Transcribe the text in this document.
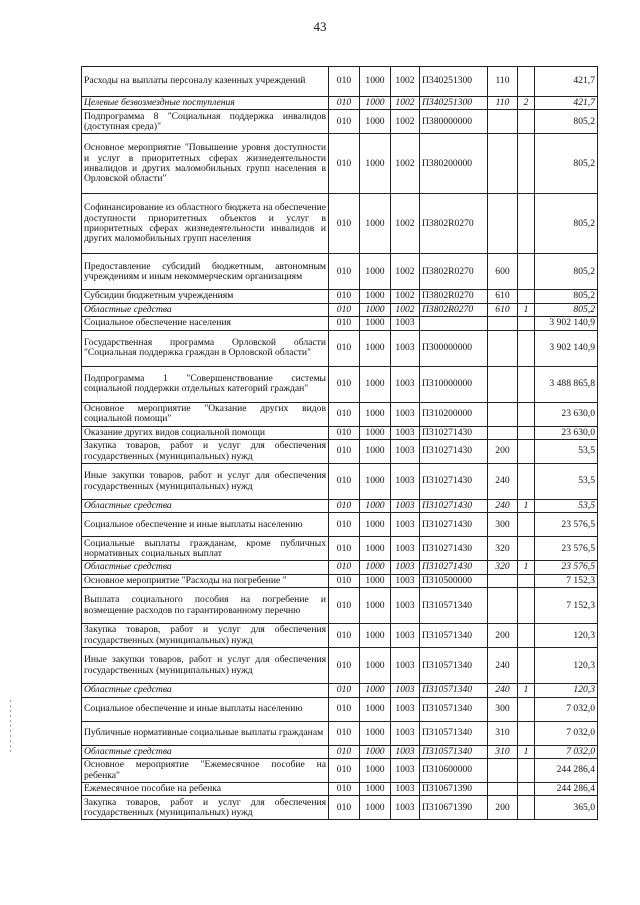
43
Расходы на выплаты персоналу казенных учреждений	010	1000	1002	П340251300	110		421,7
Целевые безвозмездные поступления	010	1000	1002	П340251300	110	2	421,7
Подпрограмма 8 "Социальная поддержка инвалидов (доступная среда)"	010	1000	1002	П380000000			805,2
Основное мероприятие "Повышение уровня доступности и услуг в приоритетных сферах жизнедеятельности инвалидов и других маломобильных групп населения в Орловской области"	010	1000	1002	П380200000			805,2
Софинансирование из областного бюджета на обеспечение доступности приоритетных объектов и услуг в приоритетных сферах жизнедеятельности инвалидов и других маломобильных групп населения	010	1000	1002	П3802R0270			805,2
Предоставление субсидий бюджетным, автономным учреждениям и иным некоммерческим организациям	010	1000	1002	П3802R0270	600		805,2
Субсидии бюджетным учреждениям	010	1000	1002	П3802R0270	610		805,2
Областные средства	010	1000	1002	П3802R0270	610	1	805,2
Социальное обеспечение населения	010	1000	1003				3 902 140,9
Государственная программа Орловской области "Социальная поддержка граждан в Орловской области"	010	1000	1003	П300000000			3 902 140,9
Подпрограмма 1 "Совершенствование системы социальной поддержки отдельных категорий граждан"	010	1000	1003	П310000000			3 488 865,8
Основное мероприятие "Оказание других видов социальной помощи"	010	1000	1003	П310200000			23 630,0
Оказание других видов социальной помощи	010	1000	1003	П310271430			23 630,0
Закупка товаров, работ и услуг для обеспечения государственных (муниципальных) нужд	010	1000	1003	П310271430	200		53,5
Иные закупки товаров, работ и услуг для обеспечения государственных (муниципальных) нужд	010	1000	1003	П310271430	240		53,5
Областные средства	010	1000	1003	П310271430	240	1	53,5
Социальное обеспечение и иные выплаты населению	010	1000	1003	П310271430	300		23 576,5
Социальные выплаты гражданам, кроме публичных нормативных социальных выплат	010	1000	1003	П310271430	320		23 576,5
Областные средства	010	1000	1003	П310271430	320	1	23 576,5
Основное мероприятие "Расходы на погребение "	010	1000	1003	П310500000			7 152,3
Выплата социального пособия на погребение и возмещение расходов по гарантированному перечню	010	1000	1003	П310571340			7 152,3
Закупка товаров, работ и услуг для обеспечения государственных (муниципальных) нужд	010	1000	1003	П310571340	200		120,3
Иные закупки товаров, работ и услуг для обеспечения государственных (муниципальных) нужд	010	1000	1003	П310571340	240		120,3
Областные средства	010	1000	1003	П310571340	240	1	120,3
Социальное обеспечение и иные выплаты населению	010	1000	1003	П310571340	300		7 032,0
Публичные нормативные социальные выплаты гражданам	010	1000	1003	П310571340	310		7 032,0
Областные средства	010	1000	1003	П310571340	310	1	7 032,0
Основное мероприятие "Ежемесячное пособие на ребенка"	010	1000	1003	П310600000			244 286,4
Ежемесячное пособие на ребенка	010	1000	1003	П310671390			244 286,4
Закупка товаров, работ и услуг для обеспечения государственных (муниципальных) нужд	010	1000	1003	П310671390	200		365,0
